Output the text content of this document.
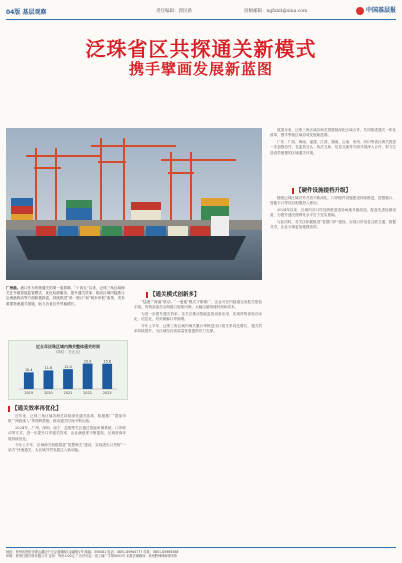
04版 基层观察	责任编辑：郭民新	投稿邮箱：ngfznit@sina.com	中国基层报
泛珠省区共探通关新模式
携手擘画发展新蓝图
广州港。港口作为货物通关的第一道屏障，“十四五”以来，泛珠三角区域海关在升级智能监管模式、优化检测服务、提升通关效率、推动区域内陆港与沿海港联动等方面积极探索，持续推进“单一窗口”和“两步申报”改革，发布重要物流通关措施，助力各省区外贸稳增长。
近五年泛珠区域内海关整体通关时间
（单位：万元元）
10.4
2019
11.6
2020
12.4
2021
15.9
2022
15.8
2023
【通关效率再优化】

近年来，泛珠三角区域各海关持续深化通关改革，积极推广“提前申报”“两段准入”等便利措施，推动通关时间不断压缩。

2024年，广州、深圳、南宁、昆明等关区通过智能审图系统、口岸联动等方式，进一步提升口岸通关效率，企业满意度不断提高，区域营商环境持续优化。

今年上半年，区域海关积极推进“智慧海关”建设，实现进出口货物“一站式”快速通关，为区域外贸发展注入新动能。

【通关模式创新多】

“陆港”“海港”联动，“一港通”模式不断推广，企业可在内陆港完成报关报检手续，货物直接在沿海港口装船出海，大幅压缩物流时间和成本。

为进一步提升通关效率，各关区推动智能监管设备应用，实现货物查验自动化、信息化，有效缓解口岸拥堵。

今年上半年，泛珠三角区域内海关累计审核进出口报关单同比增长，通关效率持续提升，为区域经济高质量发展提供有力支撑。

展望未来，泛珠三角区域各海关将继续深化区域合作，共同推进通关一体化改革，携手擘画区域协同发展新蓝图。

广东、广西、海南、福建、江西、湖南、云南、贵州、四川等省区海关将进一步加强协作，在监管互认、执法互助、信息互换等方面开展深入合作，努力打造高效便捷的区域通关环境。

【硬件设施提档升级】

随着泛珠区域对外开放不断深化，口岸硬件设施建设持续推进，智慧港口、智能卡口等项目相继投入使用。

2024年以来，区域内各口岸加快推进查验场地升级改造，配备先进检测设备，为提升通关便利化水平打下坚实基础。

与此同时，各关区积极推进“智慧口岸”建设，实现口岸信息互联互通、数据共享，企业办事更加便捷高效。

地址：贵州省贵阳市观山湖区中天会展城B区金融街1号 邮编：550081 电话：0851-85964777 传真：0851-85965588
印刷：贵州日报印务有限公司 定价：每份1.00元 广告许可证：贵工商广字第0001号 本报法律顾问：贵州黔坤律师事务所
